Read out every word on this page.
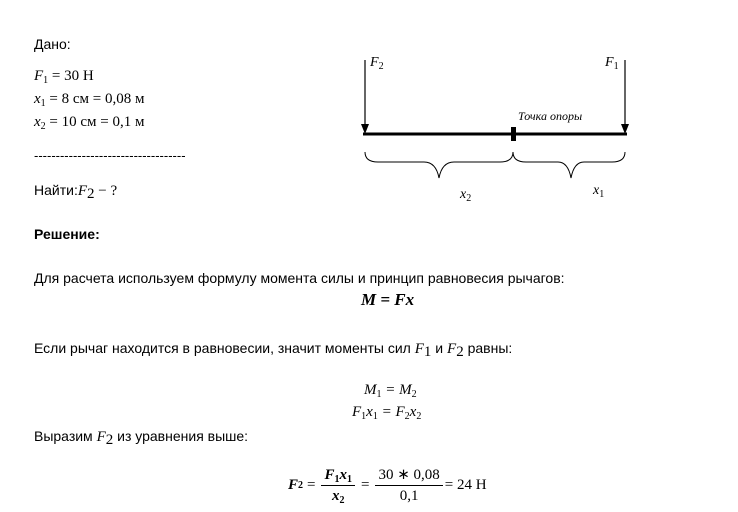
Дано:
$F_1 = 30$ Н
$x_1 = 8$ см = 0,08 м
$x_2 = 10$ см = 0,1 м
-----------------------------------
$Найти:F_2$ − ?
$F_2$	$F_1$
Точка опоры
$x_2$
$x_1$
Решение:
Для расчета используем формулу момента силы и принцип равновесия рычагов:
M = Fx
Если рычаг находится в равновесии, значит моменты сил $F_1$ и $F_2$ равны:
$M_1 = M_2$
$F_1x_1 = F_2x_2$
Выразим $F_2$ из уравнения выше:
F $2 = \frac{F_1x_1}{x_2} = \frac{30 ∗ 0,08}{0,1} = 24$ Н
